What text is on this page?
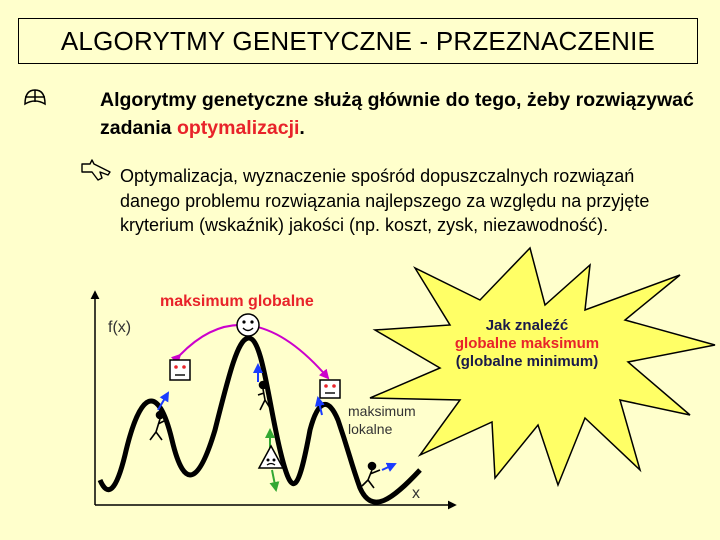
ALGORYTMY GENETYCZNE - PRZEZNACZENIE
Algorytmy genetyczne służą głównie do tego, żeby rozwiązywać zadania optymalizacji.
Optymalizacja, wyznaczenie spośród dopuszczalnych rozwiązań danego problemu rozwiązania najlepszego za względu na przyjęte kryterium (wskaźnik) jakości (np. koszt, zysk, niezawodność).
f(x)
x
maksimum globalne
maksimum
lokalne
Jak znaleźć
globalne maksimum
(globalne minimum)
